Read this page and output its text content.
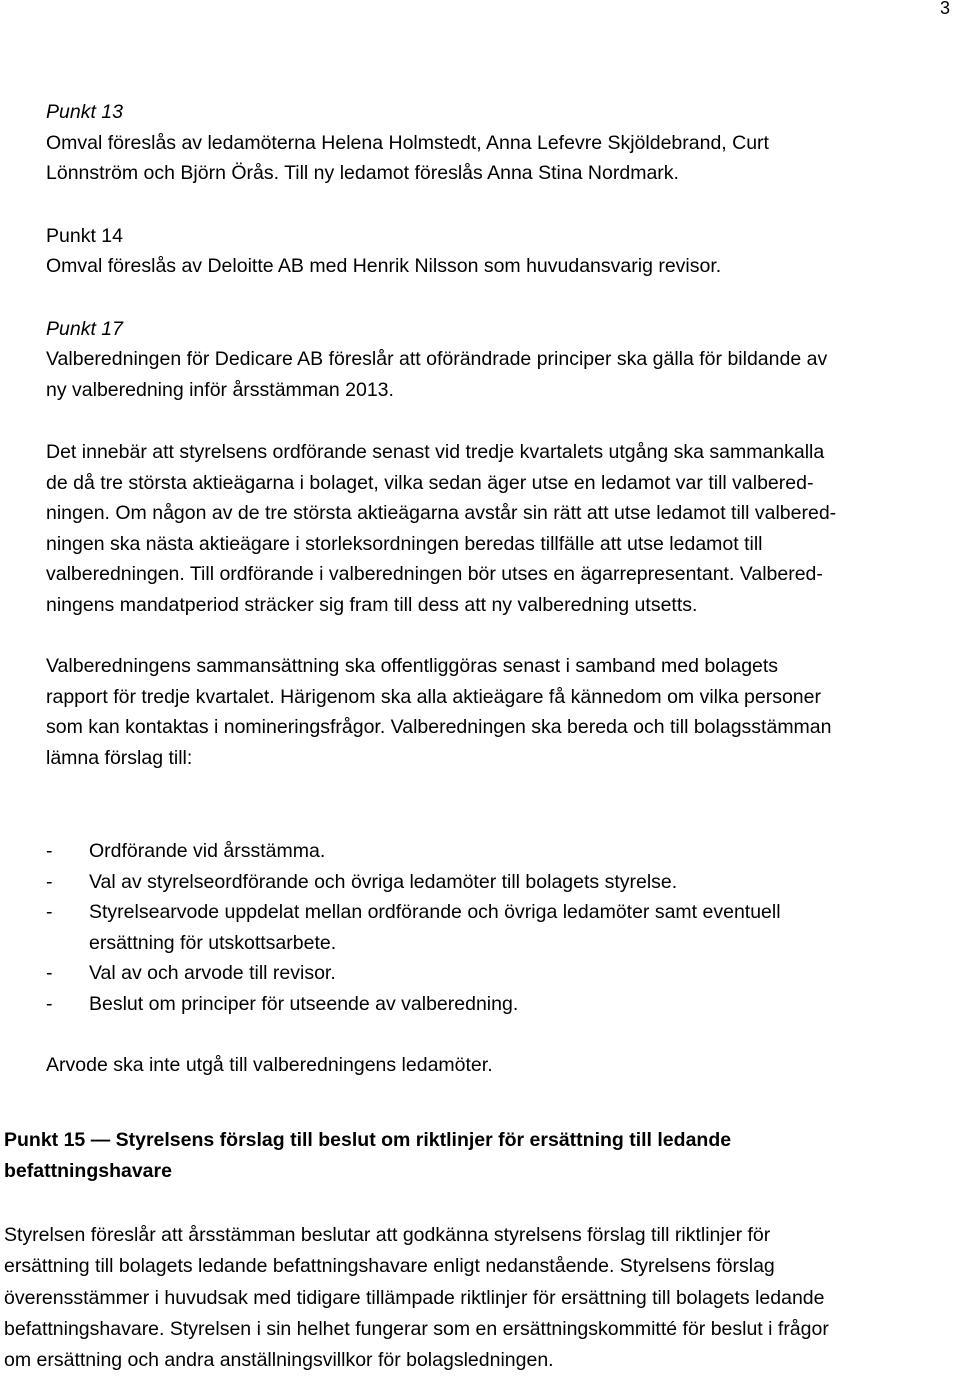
3

Punkt 13

Omval föreslås av ledamöterna Helena Holmstedt, Anna Lefevre Skjöldebrand, Curt

Lönnström och Björn Örås. Till ny ledamot föreslås Anna Stina Nordmark.

Punkt 14

Omval föreslås av Deloitte AB med Henrik Nilsson som huvudansvarig revisor.

Punkt 17

Valberedningen för Dedicare AB föreslår att oförändrade principer ska gälla för bildande av

ny valberedning inför årsstämman 2013.

Det innebär att styrelsens ordförande senast vid tredje kvartalets utgång ska sammankalla

de då tre största aktieägarna i bolaget, vilka sedan äger utse en ledamot var till valbered-

ningen. Om någon av de tre största aktieägarna avstår sin rätt att utse ledamot till valbered-

ningen ska nästa aktieägare i storleksordningen beredas tillfälle att utse ledamot till

valberedningen. Till ordförande i valberedningen bör utses en ägarrepresentant. Valbered-

ningens mandatperiod sträcker sig fram till dess att ny valberedning utsetts.

Valberedningens sammansättning ska offentliggöras senast i samband med bolagets

rapport för tredje kvartalet. Härigenom ska alla aktieägare få kännedom om vilka personer

som kan kontaktas i nomineringsfrågor. Valberedningen ska bereda och till bolagsstämman

lämna förslag till:

-	Ordförande vid årsstämma.
-	Val av styrelseordförande och övriga ledamöter till bolagets styrelse.
-	Styrelsearvode uppdelat mellan ordförande och övriga ledamöter samt eventuell
ersättning för utskottsarbete.
-	Val av och arvode till revisor.
-	Beslut om principer för utseende av valberedning.

Arvode ska inte utgå till valberedningens ledamöter.

Punkt 15 — Styrelsens förslag till beslut om riktlinjer för ersättning till ledande

befattningshavare

Styrelsen föreslår att årsstämman beslutar att godkänna styrelsens förslag till riktlinjer för

ersättning till bolagets ledande befattningshavare enligt nedanstående. Styrelsens förslag

överensstämmer i huvudsak med tidigare tillämpade riktlinjer för ersättning till bolagets ledande

befattningshavare. Styrelsen i sin helhet fungerar som en ersättningskommitté för beslut i frågor

om ersättning och andra anställningsvillkor för bolagsledningen.
